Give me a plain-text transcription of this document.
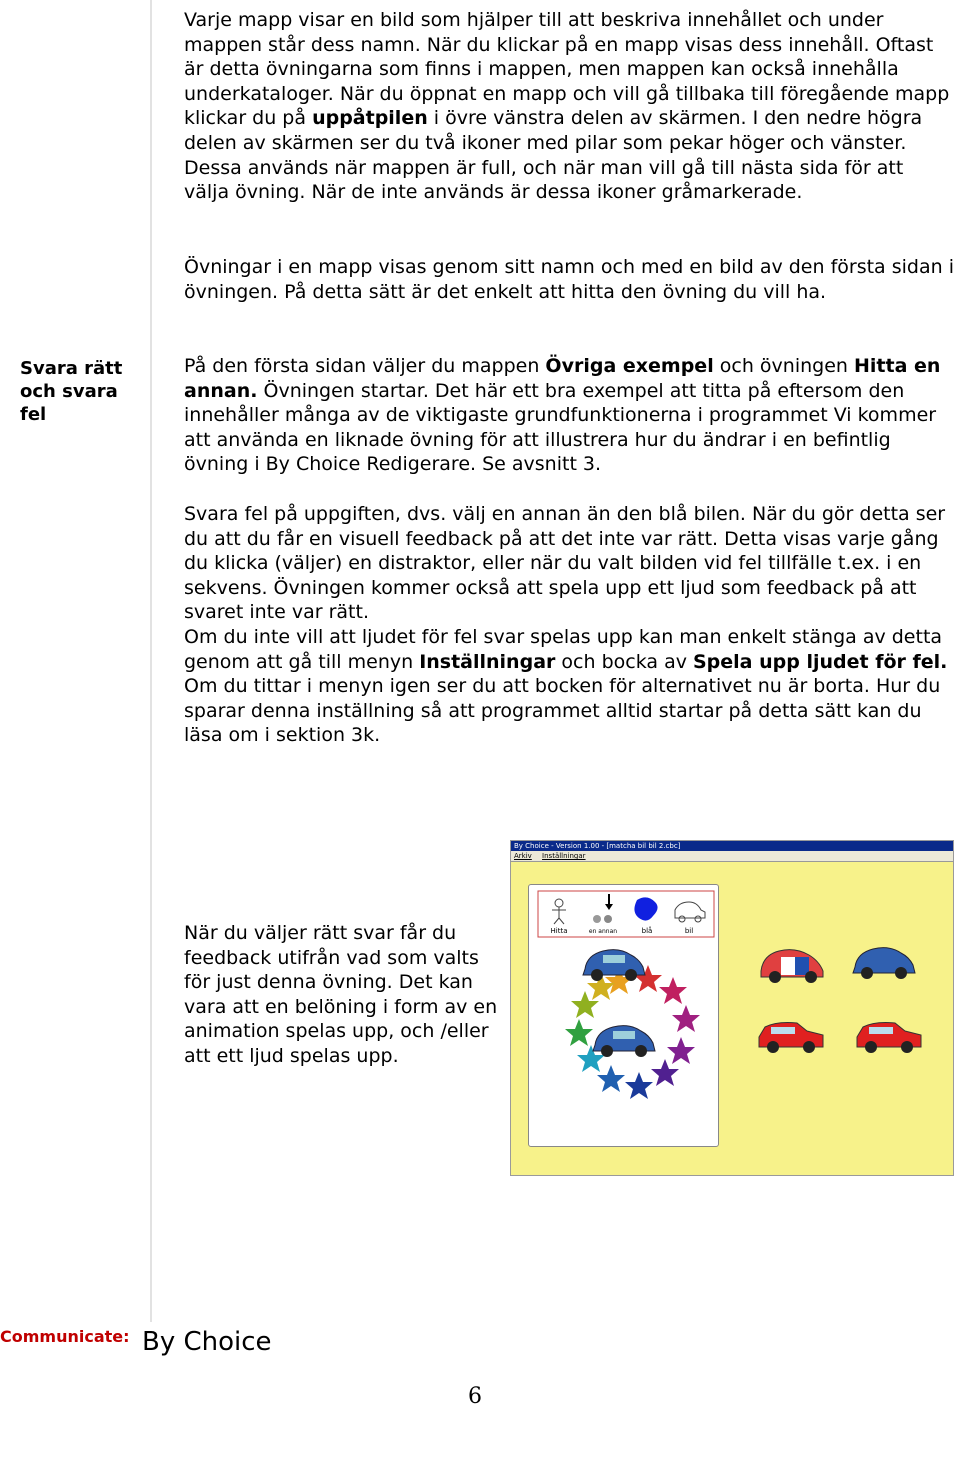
Svara rätt och svara fel

Varje mapp visar en bild som hjälper till att beskriva innehållet och under mappen står dess namn. När du klickar på en mapp visas dess innehåll. Oftast är detta övningarna som finns i mappen, men mappen kan också innehålla underkataloger. När du öppnat en mapp och vill gå tillbaka till föregående mapp klickar du på uppåtpilen i övre vänstra delen av skärmen. I den nedre högra delen av skärmen ser du två ikoner med pilar som pekar höger och vänster. Dessa används när mappen är full, och när man vill gå till nästa sida för att välja övning. När de inte används är dessa ikoner gråmarkerade.

Övningar i en mapp visas genom sitt namn och med en bild av den första sidan i övningen. På detta sätt är det enkelt att hitta den övning du vill ha.

På den första sidan väljer du mappen Övriga exempel och övningen Hitta en annan. Övningen startar. Det här ett bra exempel att titta på eftersom den innehåller många av de viktigaste grundfunktionerna i programmet Vi kommer att använda en liknade övning för att illustrera hur du ändrar i en befintlig övning i By Choice Redigerare. Se avsnitt 3.

Svara fel på uppgiften, dvs. välj en annan än den blå bilen. När du gör detta ser du att du får en visuell feedback på att det inte var rätt. Detta visas varje gång du klicka (väljer) en distraktor, eller när du valt bilden vid fel tillfälle t.ex. i en sekvens. Övningen kommer också att spela upp ett ljud som feedback på att svaret inte var rätt.

Om du inte vill att ljudet för fel svar spelas upp kan man enkelt stänga av detta genom att gå till menyn Inställningar och bocka av Spela upp ljudet för fel. Om du tittar i menyn igen ser du att bocken för alternativet nu är borta. Hur du sparar denna inställning så att programmet alltid startar på detta sätt kan du läsa om i sektion 3k.

När du väljer rätt svar får du feedback utifrån vad som valts för just denna övning. Det kan vara att en belöning i form av en animation spelas upp, och /eller att ett ljud spelas upp.

By Choice - Version 1.00 - [matcha bil bil 2.cbc]
Arkiv Inställningar
Hitta	en annan	blå	bil
Communicate: By Choice
6
